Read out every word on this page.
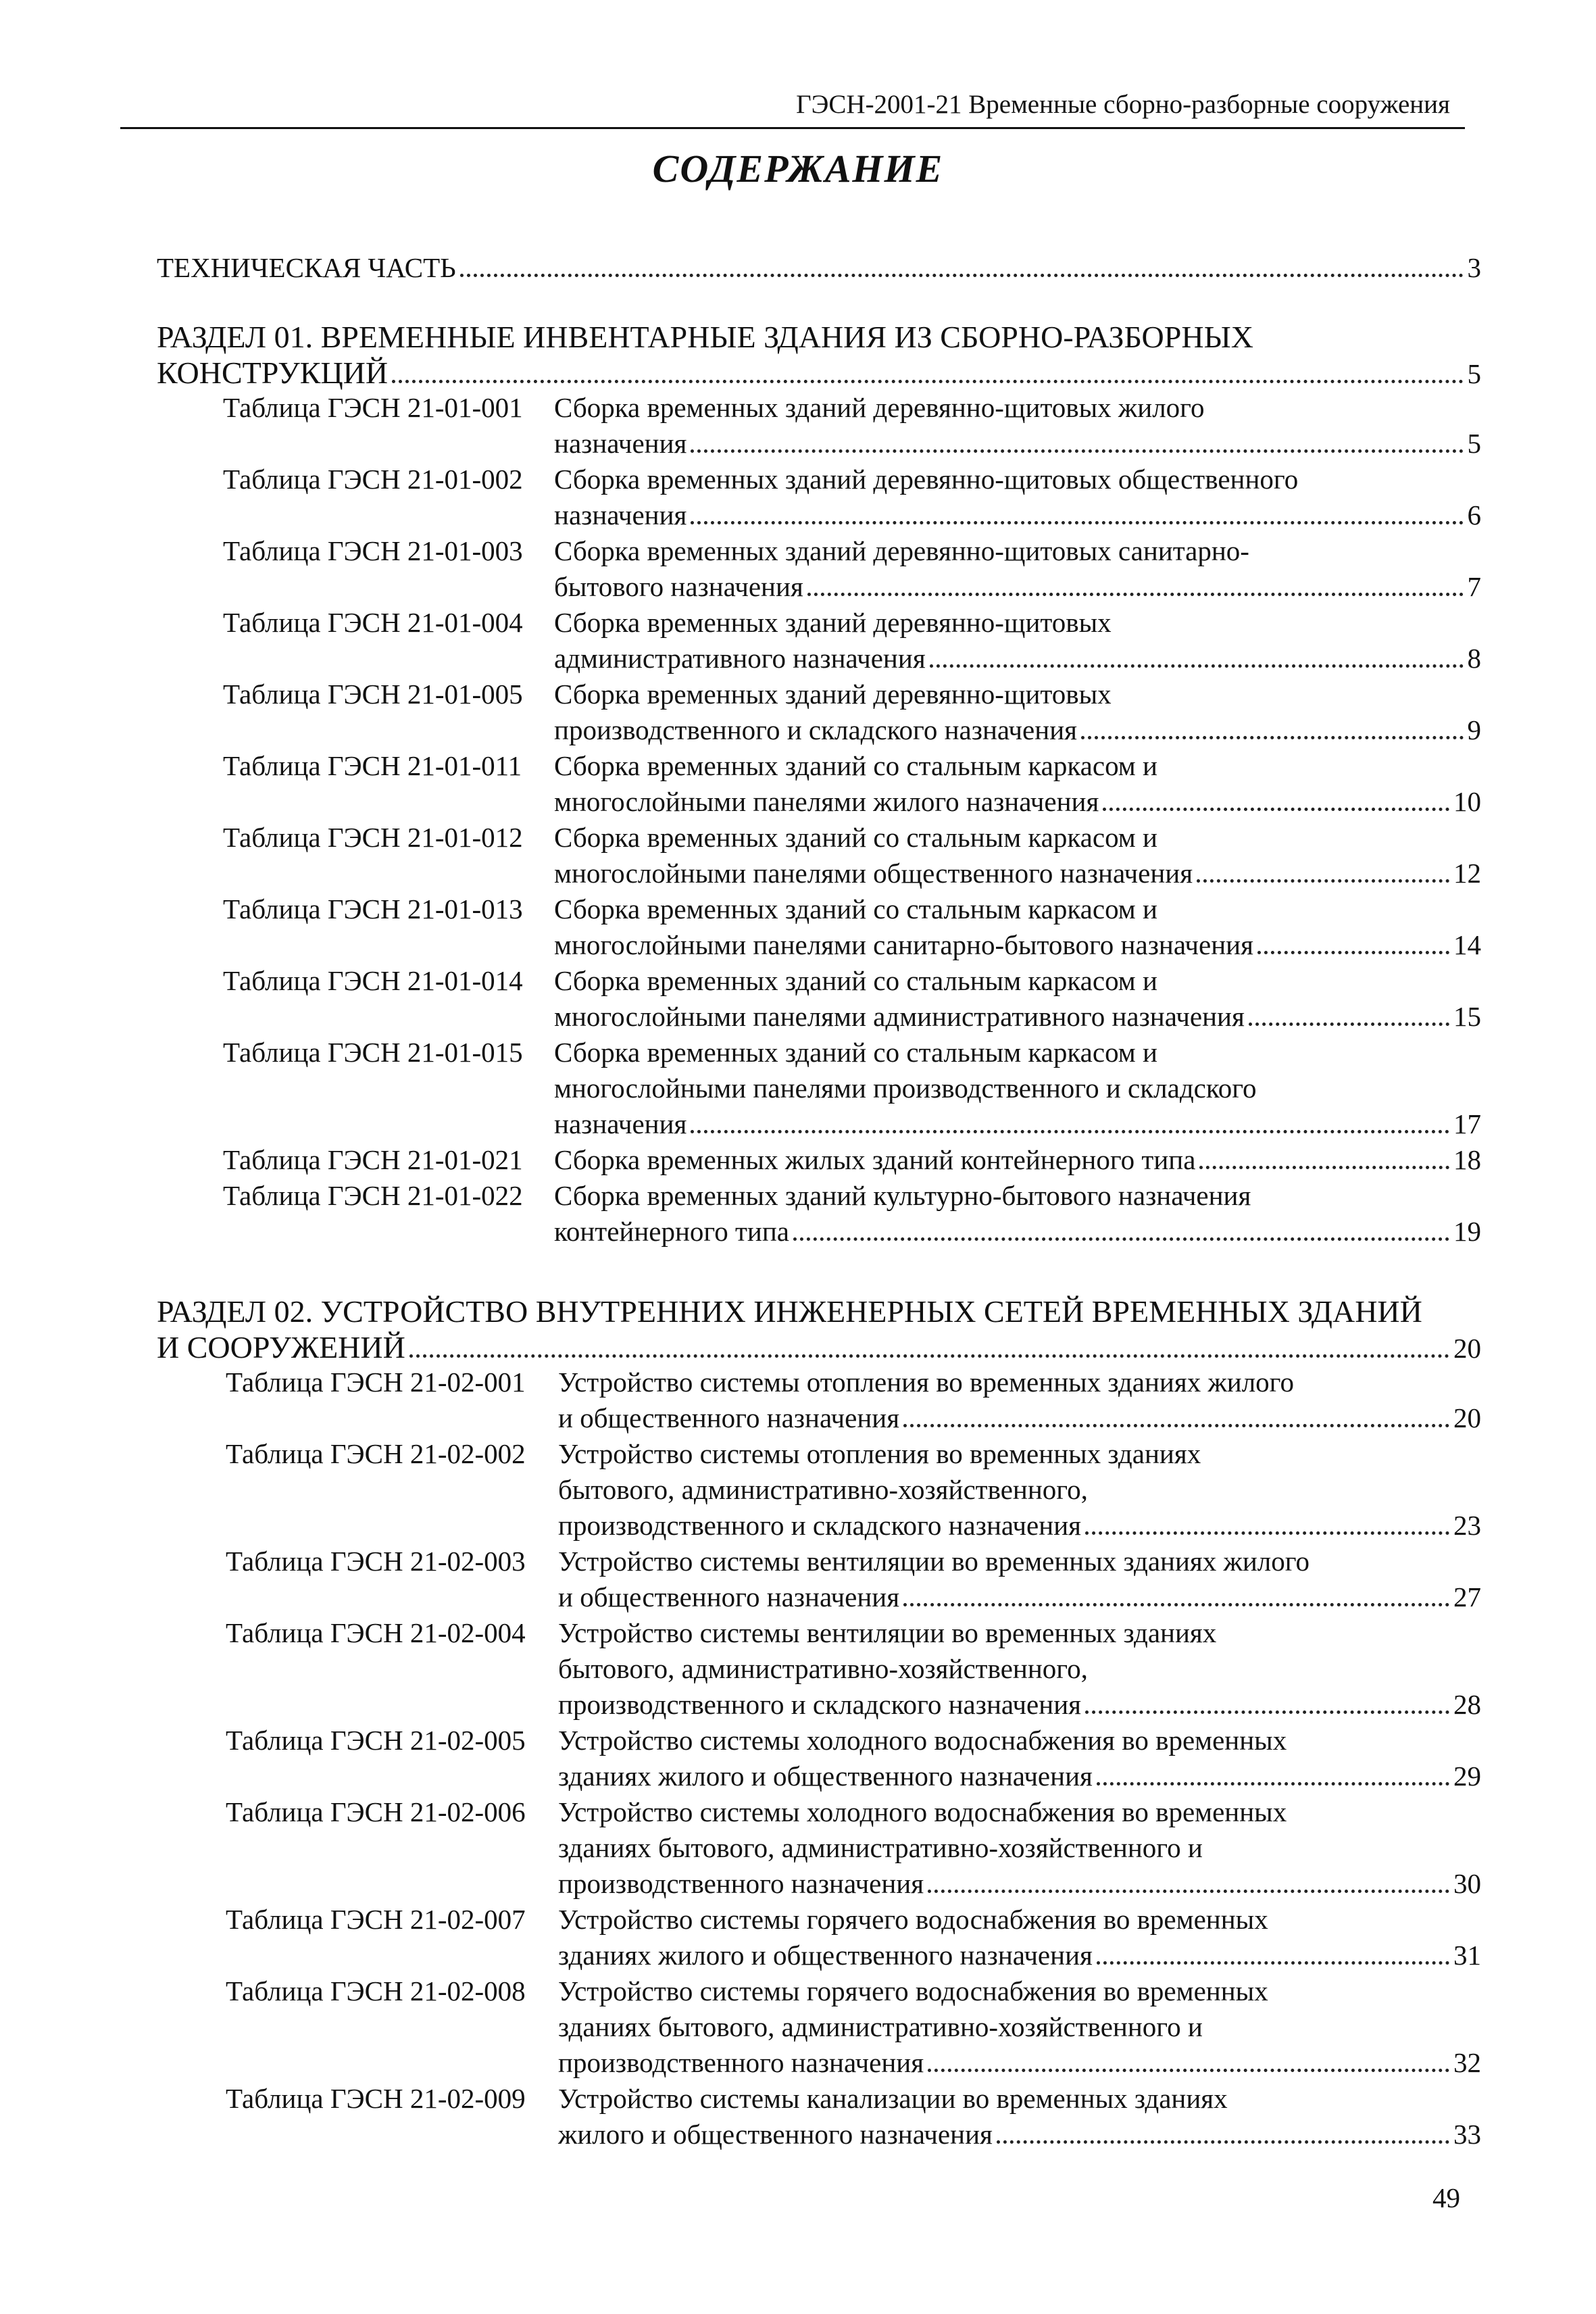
ГЭСН-2001-21 Временные сборно-разборные сооружения
СОДЕРЖАНИЕ
ТЕХНИЧЕСКАЯ ЧАСТЬ	3
РАЗДЕЛ 01. ВРЕМЕННЫЕ ИНВЕНТАРНЫЕ ЗДАНИЯ ИЗ СБОРНО-РАЗБОРНЫХ
КОНСТРУКЦИЙ	5
Таблица ГЭСН 21-01-001	Сборка временных зданий деревянно-щитовых жилого
назначения	5
Таблица ГЭСН 21-01-002	Сборка временных зданий деревянно-щитовых общественного
назначения	6
Таблица ГЭСН 21-01-003	Сборка временных зданий деревянно-щитовых санитарно-
бытового назначения	7
Таблица ГЭСН 21-01-004	Сборка временных зданий деревянно-щитовых
административного назначения	8
Таблица ГЭСН 21-01-005	Сборка временных зданий деревянно-щитовых
производственного и складского назначения	9
Таблица ГЭСН 21-01-011	Сборка временных зданий со стальным каркасом и
многослойными панелями жилого назначения	10
Таблица ГЭСН 21-01-012	Сборка временных зданий со стальным каркасом и
многослойными панелями общественного назначения	12
Таблица ГЭСН 21-01-013	Сборка временных зданий со стальным каркасом и
многослойными панелями санитарно-бытового назначения	14
Таблица ГЭСН 21-01-014	Сборка временных зданий со стальным каркасом и
многослойными панелями административного назначения	15
Таблица ГЭСН 21-01-015	Сборка временных зданий со стальным каркасом и
многослойными панелями производственного и складского
назначения	17
Таблица ГЭСН 21-01-021	Сборка временных жилых зданий контейнерного типа	18
Таблица ГЭСН 21-01-022	Сборка временных зданий культурно-бытового назначения
контейнерного типа	19
РАЗДЕЛ 02. УСТРОЙСТВО ВНУТРЕННИХ ИНЖЕНЕРНЫХ СЕТЕЙ ВРЕМЕННЫХ ЗДАНИЙ
И СООРУЖЕНИЙ	20
Таблица ГЭСН 21-02-001	Устройство системы отопления во временных зданиях жилого
и общественного назначения	20
Таблица ГЭСН 21-02-002	Устройство системы отопления во временных зданиях
бытового, административно-хозяйственного,
производственного и складского назначения	23
Таблица ГЭСН 21-02-003	Устройство системы вентиляции во временных зданиях жилого
и общественного назначения	27
Таблица ГЭСН 21-02-004	Устройство системы вентиляции во временных зданиях
бытового, административно-хозяйственного,
производственного и складского назначения	28
Таблица ГЭСН 21-02-005	Устройство системы холодного водоснабжения во временных
зданиях жилого и общественного назначения	29
Таблица ГЭСН 21-02-006	Устройство системы холодного водоснабжения во временных
зданиях бытового, административно-хозяйственного и
производственного назначения	30
Таблица ГЭСН 21-02-007	Устройство системы горячего водоснабжения во временных
зданиях жилого и общественного назначения	31
Таблица ГЭСН 21-02-008	Устройство системы горячего водоснабжения во временных
зданиях бытового, административно-хозяйственного и
производственного назначения	32
Таблица ГЭСН 21-02-009	Устройство системы канализации во временных зданиях
жилого и общественного назначения	33
49
